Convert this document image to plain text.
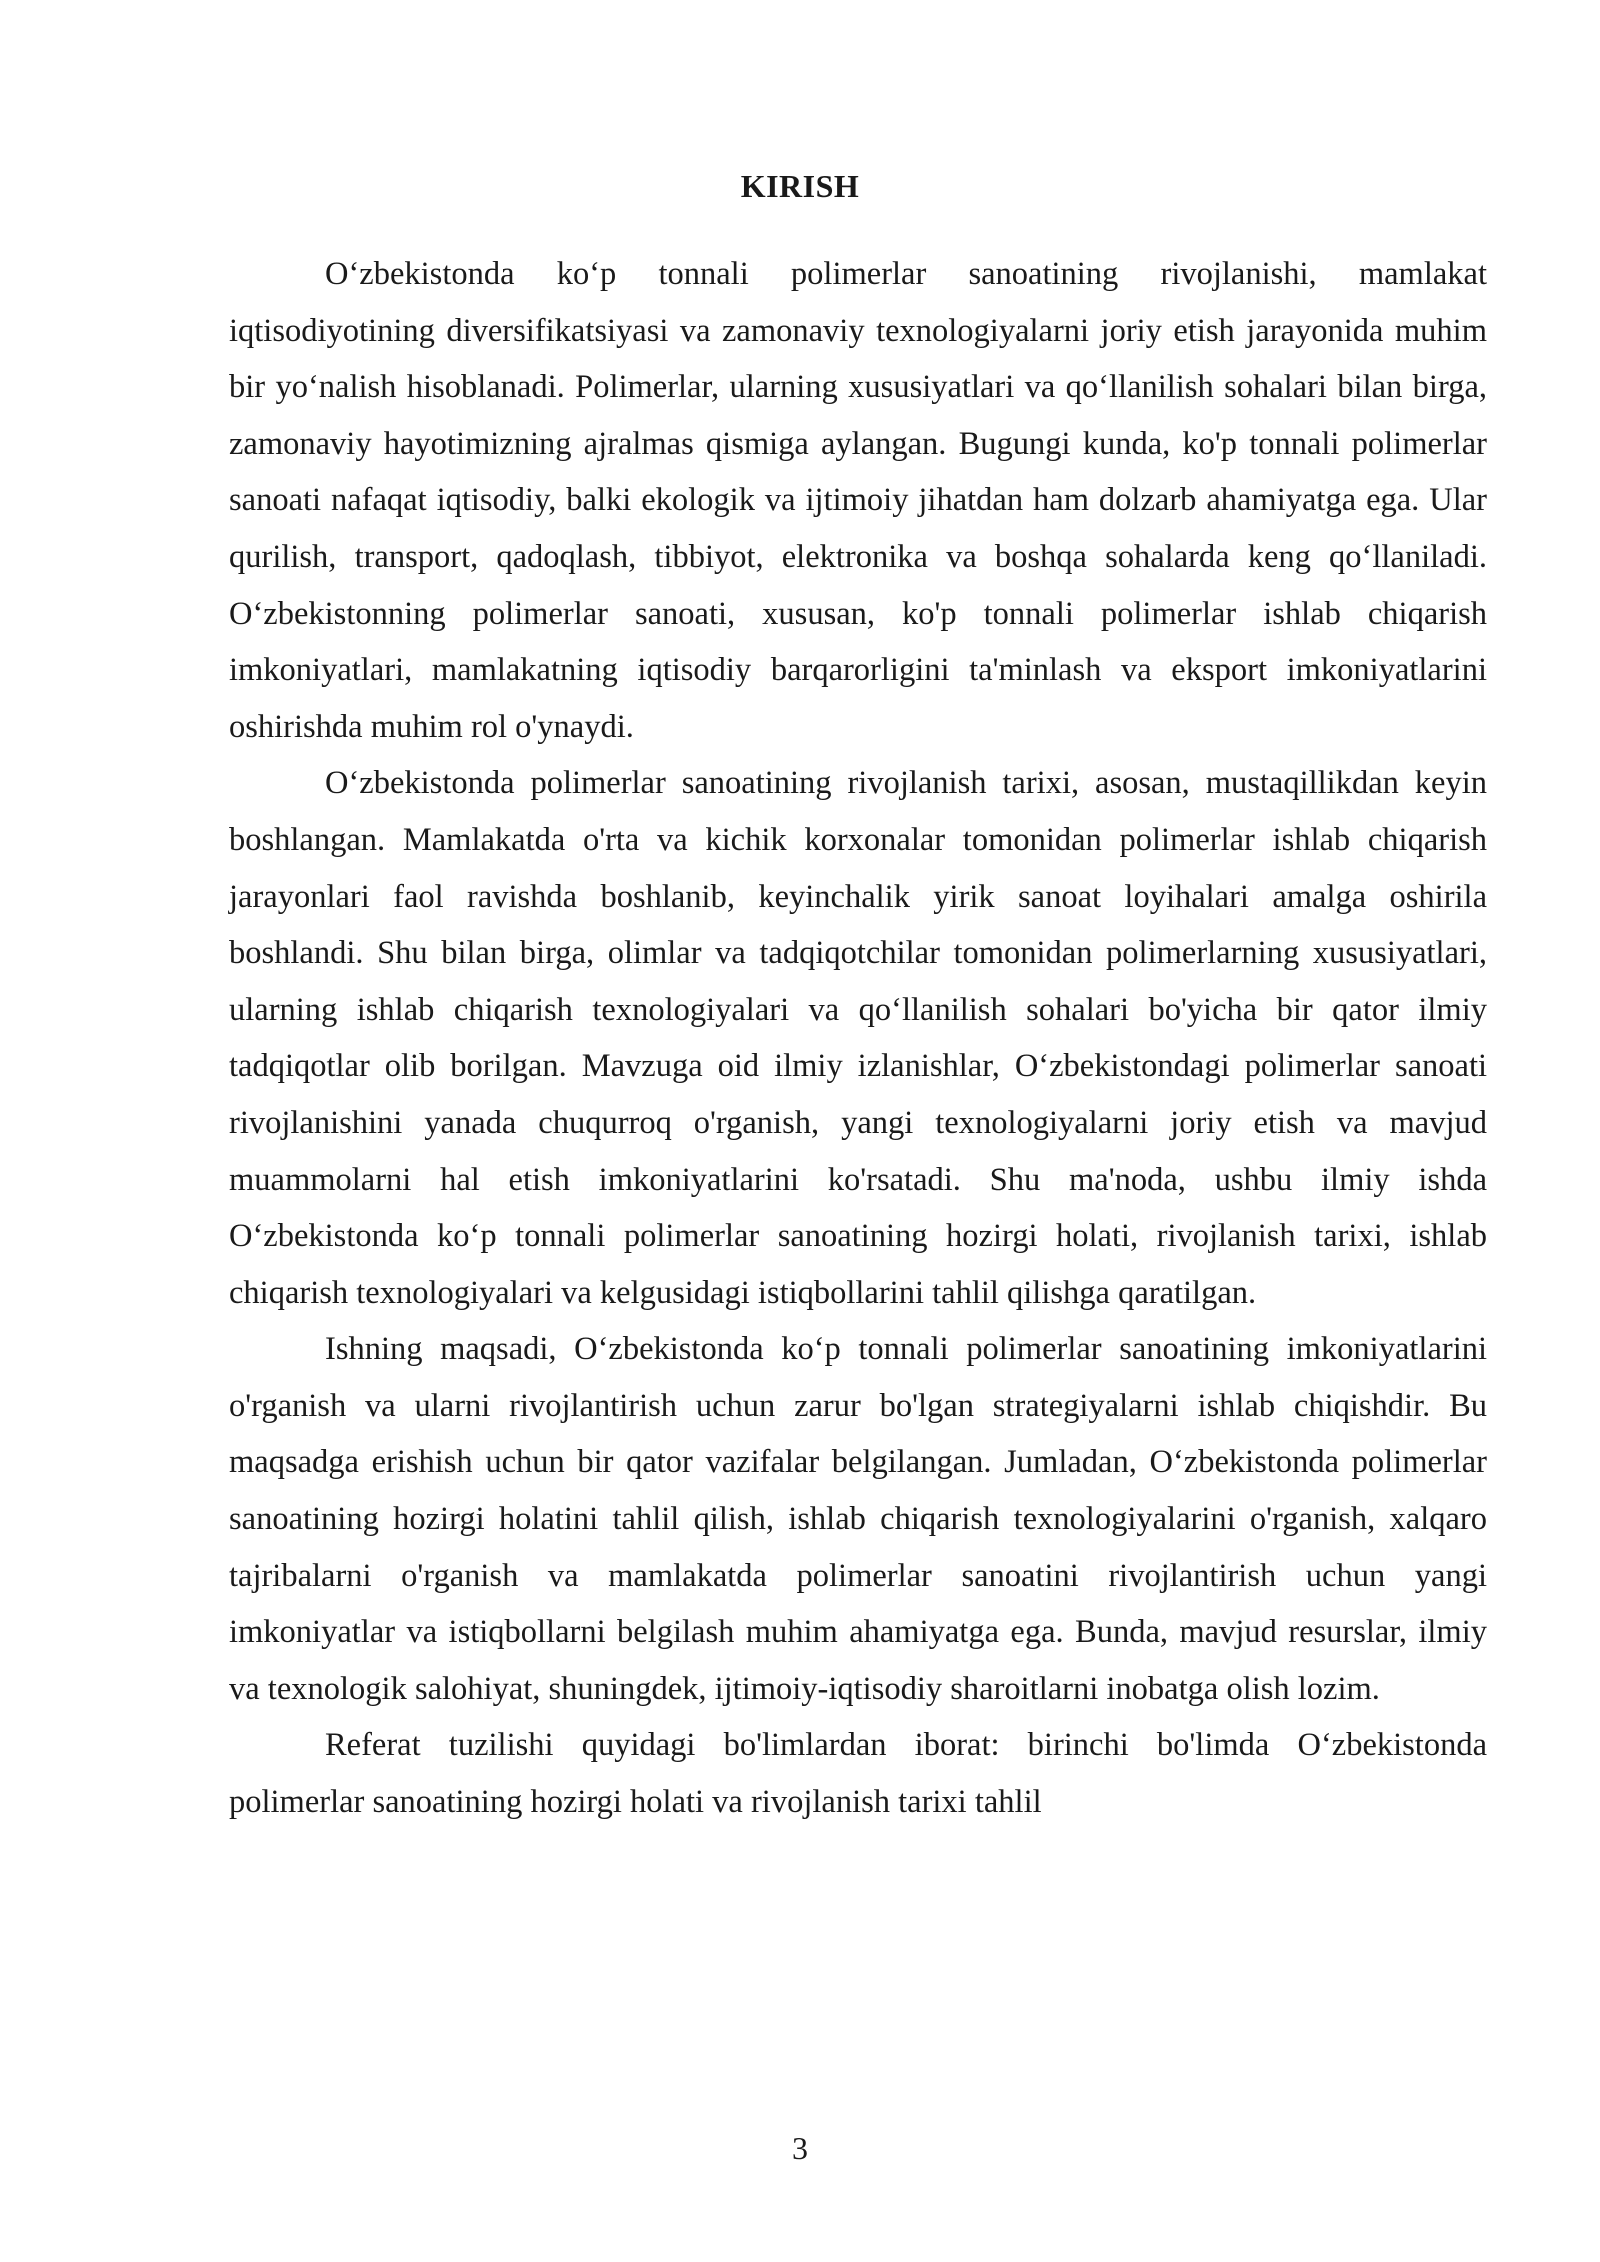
KIRISH

O‘zbekistonda ko‘p tonnali polimerlar sanoatining rivojlanishi, mamlakat iqtisodiyotining diversifikatsiyasi va zamonaviy texnologiyalarni joriy etish jarayonida muhim bir yo‘nalish hisoblanadi. Polimerlar, ularning xususiyatlari va qo‘llanilish sohalari bilan birga, zamonaviy hayotimizning ajralmas qismiga aylangan. Bugungi kunda, ko'p tonnali polimerlar sanoati nafaqat iqtisodiy, balki ekologik va ijtimoiy jihatdan ham dolzarb ahamiyatga ega. Ular qurilish, transport, qadoqlash, tibbiyot, elektronika va boshqa sohalarda keng qo‘llaniladi. O‘zbekistonning polimerlar sanoati, xususan, ko'p tonnali polimerlar ishlab chiqarish imkoniyatlari, mamlakatning iqtisodiy barqarorligini ta'minlash va eksport imkoniyatlarini oshirishda muhim rol o'ynaydi.

O‘zbekistonda polimerlar sanoatining rivojlanish tarixi, asosan, mustaqillikdan keyin boshlangan. Mamlakatda o'rta va kichik korxonalar tomonidan polimerlar ishlab chiqarish jarayonlari faol ravishda boshlanib, keyinchalik yirik sanoat loyihalari amalga oshirila boshlandi. Shu bilan birga, olimlar va tadqiqotchilar tomonidan polimerlarning xususiyatlari, ularning ishlab chiqarish texnologiyalari va qo‘llanilish sohalari bo'yicha bir qator ilmiy tadqiqotlar olib borilgan. Mavzuga oid ilmiy izlanishlar, O‘zbekistondagi polimerlar sanoati rivojlanishini yanada chuqurroq o'rganish, yangi texnologiyalarni joriy etish va mavjud muammolarni hal etish imkoniyatlarini ko'rsatadi. Shu ma'noda, ushbu ilmiy ishda O‘zbekistonda ko‘p tonnali polimerlar sanoatining hozirgi holati, rivojlanish tarixi, ishlab chiqarish texnologiyalari va kelgusidagi istiqbollarini tahlil qilishga qaratilgan.

Ishning maqsadi, O‘zbekistonda ko‘p tonnali polimerlar sanoatining imkoniyatlarini o'rganish va ularni rivojlantirish uchun zarur bo'lgan strategiyalarni ishlab chiqishdir. Bu maqsadga erishish uchun bir qator vazifalar belgilangan. Jumladan, O‘zbekistonda polimerlar sanoatining hozirgi holatini tahlil qilish, ishlab chiqarish texnologiyalarini o'rganish, xalqaro tajribalarni o'rganish va mamlakatda polimerlar sanoatini rivojlantirish uchun yangi imkoniyatlar va istiqbollarni belgilash muhim ahamiyatga ega. Bunda, mavjud resurslar, ilmiy va texnologik salohiyat, shuningdek, ijtimoiy-iqtisodiy sharoitlarni inobatga olish lozim.

Referat tuzilishi quyidagi bo'limlardan iborat: birinchi bo'limda O‘zbekistonda polimerlar sanoatining hozirgi holati va rivojlanish tarixi tahlil

3
